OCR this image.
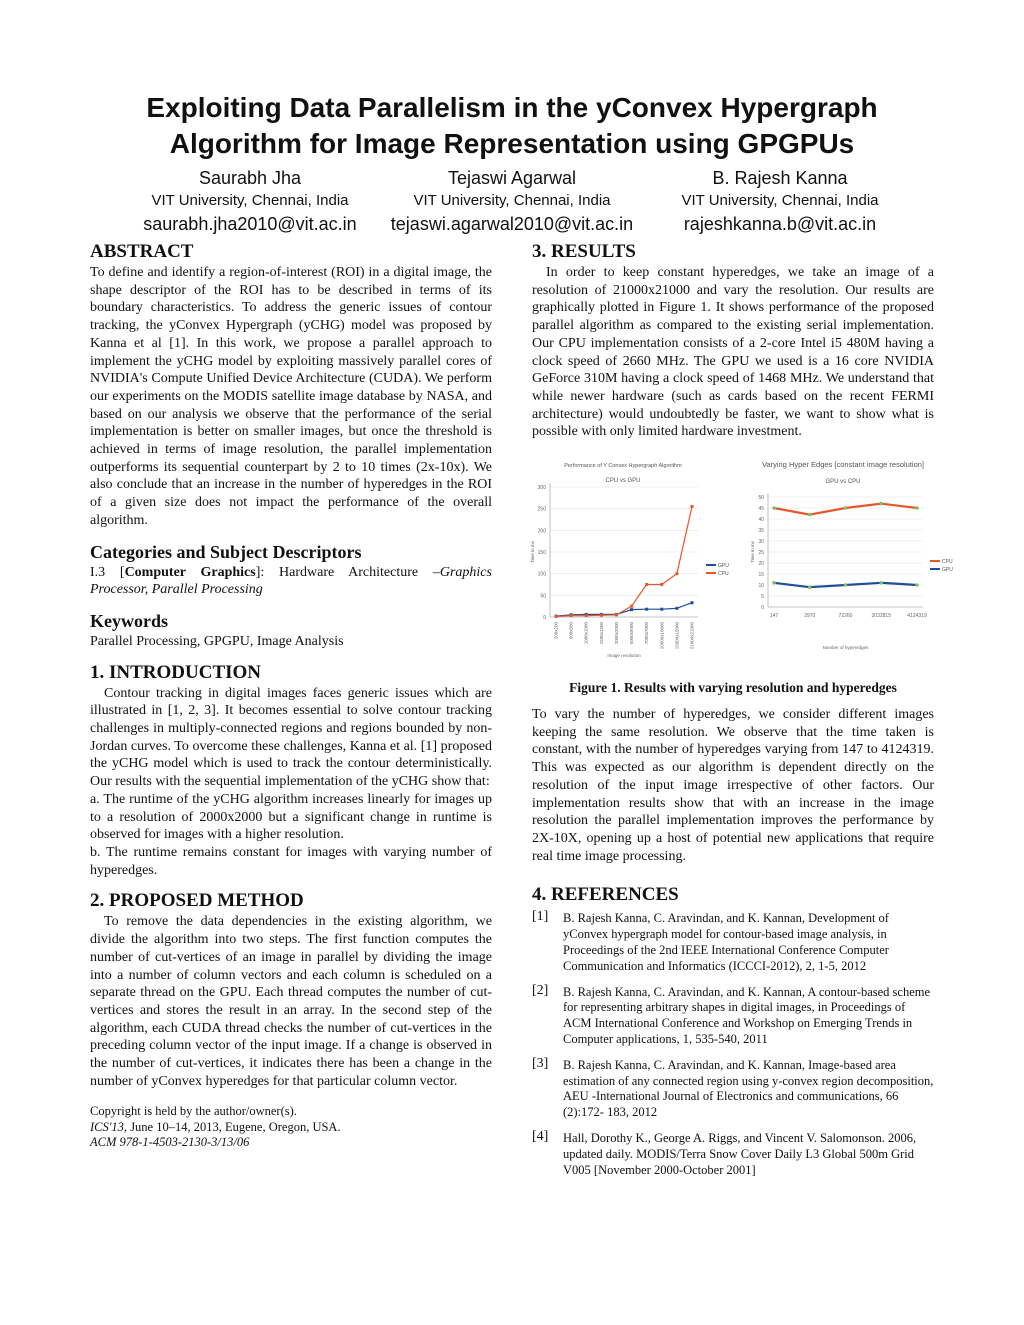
Exploiting Data Parallelism in the yConvex Hypergraph
Algorithm for Image Representation using GPGPUs
Saurabh Jha
VIT University, Chennai, India
saurabh.jha2010@vit.ac.in
Tejaswi Agarwal
VIT University, Chennai, India
tejaswi.agarwal2010@vit.ac.in
B. Rajesh Kanna
VIT University, Chennai, India
rajeshkanna.b@vit.ac.in
ABSTRACT

To define and identify a region-of-interest (ROI) in a digital image, the shape descriptor of the ROI has to be described in terms of its boundary characteristics. To address the generic issues of contour tracking, the yConvex Hypergraph (yCHG) model was proposed by Kanna et al [1]. In this work, we propose a parallel approach to implement the yCHG model by exploiting massively parallel cores of NVIDIA's Compute Unified Device Architecture (CUDA). We perform our experiments on the MODIS satellite image database by NASA, and based on our analysis we observe that the performance of the serial implementation is better on smaller images, but once the threshold is achieved in terms of image resolution, the parallel implementation outperforms its sequential counterpart by 2 to 10 times (2x-10x). We also conclude that an increase in the number of hyperedges in the ROI of a given size does not impact the performance of the overall algorithm.

Categories and Subject Descriptors

I.3 [Computer Graphics]: Hardware Architecture –Graphics Processor, Parallel Processing

Keywords

Parallel Processing, GPGPU, Image Analysis

1. INTRODUCTION

Contour tracking in digital images faces generic issues which are illustrated in [1, 2, 3]. It becomes essential to solve contour tracking challenges in multiply-connected regions and regions bounded by non-Jordan curves. To overcome these challenges, Kanna et al. [1] proposed the yCHG model which is used to track the contour deterministically. Our results with the sequential implementation of the yCHG show that:

a. The runtime of the yCHG algorithm increases linearly for images up to a resolution of 2000x2000 but a significant change in runtime is observed for images with a higher resolution.

b. The runtime remains constant for images with varying number of hyperedges.

2. PROPOSED METHOD

To remove the data dependencies in the existing algorithm, we divide the algorithm into two steps. The first function computes the number of cut-vertices of an image in parallel by dividing the image into a number of column vectors and each column is scheduled on a separate thread on the GPU. Each thread computes the number of cut-vertices and stores the result in an array. In the second step of the algorithm, each CUDA thread checks the number of cut-vertices in the preceding column vector of the input image. If a change is observed in the number of cut-vertices, it indicates there has been a change in the number of yConvex hyperedges for that particular column vector.

Copyright is held by the author/owner(s).
ICS'13, June 10–14, 2013, Eugene, Oregon, USA.
ACM 978-1-4503-2130-3/13/06
3. RESULTS

In order to keep constant hyperedges, we take an image of a resolution of 21000x21000 and vary the resolution. Our results are graphically plotted in Figure 1. It shows performance of the proposed parallel algorithm as compared to the existing serial implementation. Our CPU implementation consists of a 2-core Intel i5 480M having a clock speed of 2660 MHz. The GPU we used is a 16 core NVIDIA GeForce 310M having a clock speed of 1468 MHz. We understand that while newer hardware (such as cards based on the recent FERMI architecture) would undoubtedly be faster, we want to show what is possible with only limited hardware investment.

Performance of Y Convex Hypergraph Algorithm
CPU vs GPU
0
50
100
150
200
250
300
Time in ms
Image resolution
200x200 500x500 1000x1000 1500x1500 2000x2000 5000x5000 7000x7000 10000x10000 15000x15000 21000x21000
GPU
CPU
Varying Hyper Edges [constant image resolution]
GPU vs CPU
0
5
10
15
20
25
30
35
40
45
50
Time in ms
Number of hyperedges
147	2970	72260	3032815	4124319
CPU
GPU
Figure 1. Results with varying resolution and hyperedges

To vary the number of hyperedges, we consider different images keeping the same resolution. We observe that the time taken is constant, with the number of hyperedges varying from 147 to 4124319. This was expected as our algorithm is dependent directly on the resolution of the input image irrespective of other factors. Our implementation results show that with an increase in the image resolution the parallel implementation improves the performance by 2X-10X, opening up a host of potential new applications that require real time image processing.

4. REFERENCES
[1] B. Rajesh Kanna, C. Aravindan, and K. Kannan, Development of yConvex hypergraph model for contour-based image analysis, in Proceedings of the 2nd IEEE International Conference Computer Communication and Informatics (ICCCI-2012), 2, 1-5, 2012
[2] B. Rajesh Kanna, C. Aravindan, and K. Kannan, A contour-based scheme for representing arbitrary shapes in digital images, in Proceedings of ACM International Conference and Workshop on Emerging Trends in Computer applications, 1, 535-540, 2011
[3] B. Rajesh Kanna, C. Aravindan, and K. Kannan, Image-based area estimation of any connected region using y-convex region decomposition, AEU -International Journal of Electronics and communications, 66 (2):172- 183, 2012
[4] Hall, Dorothy K., George A. Riggs, and Vincent V. Salomonson. 2006, updated daily. MODIS/Terra Snow Cover Daily L3 Global 500m Grid V005 [November 2000-October 2001]
